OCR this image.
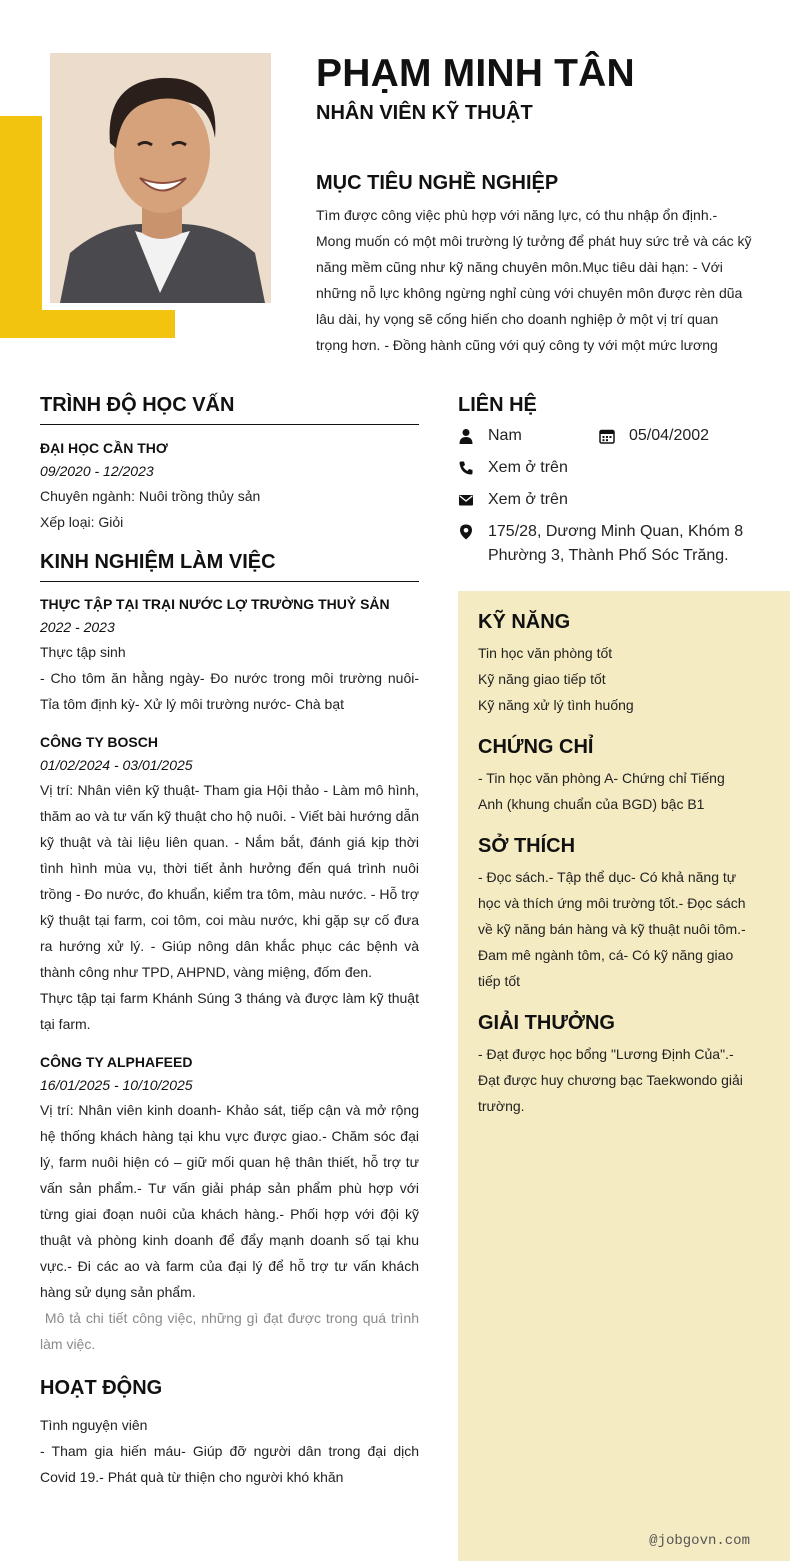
PHẠM MINH TÂN
NHÂN VIÊN KỸ THUẬT
MỤC TIÊU NGHỀ NGHIỆP
Tìm được công việc phù hợp với năng lực, có thu nhập ổn định.- Mong muốn có một môi trường lý tưởng để phát huy sức trẻ và các kỹ năng mềm cũng như kỹ năng chuyên môn.Mục tiêu dài hạn: - Với những nỗ lực không ngừng nghỉ cùng với chuyên môn được rèn dũa lâu dài, hy vọng sẽ cống hiến cho doanh nghiệp ở một vị trí quan trọng hơn. - Đồng hành cũng với quý công ty với một mức lương
TRÌNH ĐỘ HỌC VẤN
ĐẠI HỌC CẦN THƠ
09/2020 - 12/2023
Chuyên ngành: Nuôi trồng thủy sản
Xếp loại: Giỏi
KINH NGHIỆM LÀM VIỆC
THỰC TẬP TẠI TRẠI NƯỚC LỢ TRƯỜNG THUỶ SẢN
2022 - 2023
Thực tập sinh
- Cho tôm ăn hằng ngày- Đo nước trong môi trường nuôi- Tỉa tôm định kỳ- Xử lý môi trường nước- Chà bạt
CÔNG TY BOSCH
01/02/2024 - 03/01/2025
Vị trí: Nhân viên kỹ thuật- Tham gia Hội thảo - Làm mô hình, thăm ao và tư vấn kỹ thuật cho hộ nuôi. - Viết bài hướng dẫn kỹ thuật và tài liệu liên quan. - Nắm bắt, đánh giá kịp thời tình hình mùa vụ, thời tiết ảnh hưởng đến quá trình nuôi trồng - Đo nước, đo khuẩn, kiểm tra tôm, màu nước. - Hỗ trợ kỹ thuật tại farm, coi tôm, coi màu nước, khi gặp sự cố đưa ra hướng xử lý. - Giúp nông dân khắc phục các bệnh và thành công như TPD, AHPND, vàng miệng, đốm đen.
Thực tập tại farm Khánh Súng 3 tháng và được làm kỹ thuật tại farm.
CÔNG TY ALPHAFEED
16/01/2025 - 10/10/2025
Vị trí: Nhân viên kinh doanh- Khảo sát, tiếp cận và mở rộng hệ thống khách hàng tại khu vực được giao.- Chăm sóc đại lý, farm nuôi hiện có – giữ mối quan hệ thân thiết, hỗ trợ tư vấn sản phẩm.- Tư vấn giải pháp sản phẩm phù hợp với từng giai đoạn nuôi của khách hàng.- Phối hợp với đội kỹ thuật và phòng kinh doanh để đẩy mạnh doanh số tại khu vực.- Đi các ao và farm của đại lý để hỗ trợ tư vấn khách hàng sử dụng sản phẩm.
Mô tả chi tiết công việc, những gì đạt được trong quá trình làm việc.
HOẠT ĐỘNG
Tình nguyện viên
- Tham gia hiến máu- Giúp đỡ người dân trong đại dịch Covid 19.- Phát quà từ thiện cho người khó khăn
LIÊN HỆ
Nam	05/04/2002
Xem ở trên
Xem ở trên
175/28, Dương Minh Quan, Khóm 8
Phường 3, Thành Phố Sóc Trăng.
KỸ NĂNG
Tin học văn phòng tốt
Kỹ năng giao tiếp tốt
Kỹ năng xử lý tình huống
CHỨNG CHỈ
- Tin học văn phòng A- Chứng chỉ Tiếng Anh (khung chuẩn của BGD) bậc B1
SỞ THÍCH
- Đọc sách.- Tập thể dục- Có khả năng tự học và thích ứng môi trường tốt.- Đọc sách về kỹ năng bán hàng và kỹ thuật nuôi tôm.- Đam mê ngành tôm, cá- Có kỹ năng giao tiếp tốt
GIẢI THƯỞNG
- Đạt được học bổng "Lương Định Của".- Đạt được huy chương bạc Taekwondo giải trường.
@jobgovn.com
